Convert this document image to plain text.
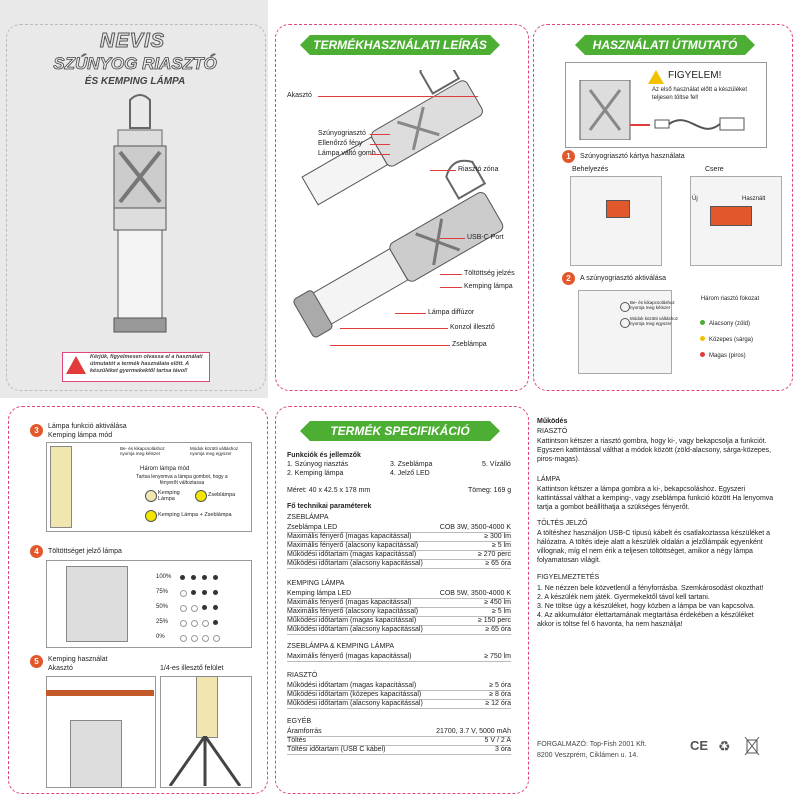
NEVIS
SZÚNYOG RIASZTÓ
ÉS KEMPING LÁMPA
Kérjük, figyelmesen olvassa el a használati útmutatót a termék használata előtt. A készüléket gyermekektől tartsa távol!
TERMÉKHASZNÁLATI LEÍRÁS
Akasztó
Szúnyogriasztó
Ellenőrző fény
Lámpa váltó gomb
Riasztó zóna
USB-C Port
Töltöttség jelzés
Kemping lámpa
Lámpa diffúzor
Konzol illesztő
Zseblámpa
HASZNÁLATI ÚTMUTATÓ
FIGYELEM!
Az első használat előtt a készüléket teljesen töltse fel!
1	Szúnyogriasztó kártya használata
Behelyezés	Csere
Új	Használt
2	A szúnyogriasztó aktiválása
Be- és kikapcsoláshoz nyomja meg kétszer
Módok közötti váltáshoz nyomja meg egyszer
Három riasztó fokozat
Alacsony (zöld)
Közepes (sárga)
Magas (piros)
3	Lámpa funkció aktiválása
Kemping lámpa mód
Be- és kikapcsoláshoz nyomja meg kétszer
Módok közötti váltáshoz nyomja meg egyszer
Három lámpa mód
Tartsa lenyomva a lámpa gombot, hogy a fényerőt változtassa
Kemping Lámpa
Zseblámpa
Kemping Lámpa + Zseblámpa
4	Töltöttséget jelző lámpa
100%
75%
50%
25%
0%
5	Kemping használat
Akasztó	1/4-es illesztő felület
TERMÉK SPECIFIKÁCIÓ
Funkciók és jellemzők
1. Szúnyog riasztás
2. Kemping lámpa
3. Zseblámpa
4. Jelző LED
5. Vízálló
Méret: 40 x 42.5 x 178 mm	Tömeg: 169 g
Fő technikai paraméterek
ZSEBLÁMPA
Zseblámpa LED	COB 3W, 3500-4000 K
Maximális fényerő (magas kapacitással)	≥ 300 lm
Maximális fényerő (alacsony kapacitással)	≥ 5 lm
Működési időtartam (magas kapacitással)	≥ 270 perc
Működési időtartam (alacsony kapacitással)	≥ 65 óra
KEMPING LÁMPA
Kemping lámpa LED	COB 5W, 3500-4000 K
Maximális fényerő (magas kapacitással)	≥ 450 lm
Maximális fényerő (alacsony kapacitással)	≥ 5 lm
Működési időtartam (magas kapacitással)	≥ 150 perc
Működési időtartam (alacsony kapacitással)	≥ 65 óra
ZSEBLÁMPA & KEMPING LÁMPA
Maximális fényerő (magas kapacitással)	≥ 750 lm
RIASZTÓ
Működési időtartam (magas kapacitással)	≥ 5 óra
Működési időtartam (közepes kapacitással)	≥ 8 óra
Működési időtartam (alacsony kapacitással)	≥ 12 óra
EGYÉB
Áramforrás	21700, 3.7 V, 5000 mAh
Töltés	5 V / 2 A
Töltési időtartam (USB C kábel)	3 óra
Működés
RIASZTÓ
Kattintson kétszer a riasztó gombra, hogy ki-, vagy bekapcsolja a funkciót. Egyszeri kattintással válthat a módok között (zöld-alacsony, sárga-közepes, piros-magas).
LÁMPA
Kattintson kétszer a lámpa gombra a ki-, bekapcsoláshoz. Egyszeri kattintással válthat a kemping-, vagy zseblámpa funkció között Ha lenyomva tartja a gombot beállíthatja a szükséges fényerőt.
TÖLTÉS JELZŐ
A töltéshez használjon USB-C típusú kábelt és csatlakoztassa készüléket a hálózatra. A töltés ideje alatt a készülék oldalán a jelzőlámpák egyenként villognak, míg el nem érik a teljesen töltöttséget, amikor a négy lámpa folyamatosan világít.
FIGYELMEZTETÉS
1. Ne nézzen bele közvetlenül a fényforrásba. Szemkárosodást okozthat!
2. A készülék nem játék. Gyermekektől távol kell tartani.
3. Ne töltse úgy a készüléket, hogy közben a lámpa be van kapcsolva.
4. Az akkumulátor élettartamának megtartása érdekében a készüléket akkor is töltse fel 6 havonta, ha nem használja!
FORGALMAZÓ: Top-Fish 2001 Kft.
8200 Veszprém, Ciklámen u. 14.
CE ♻
